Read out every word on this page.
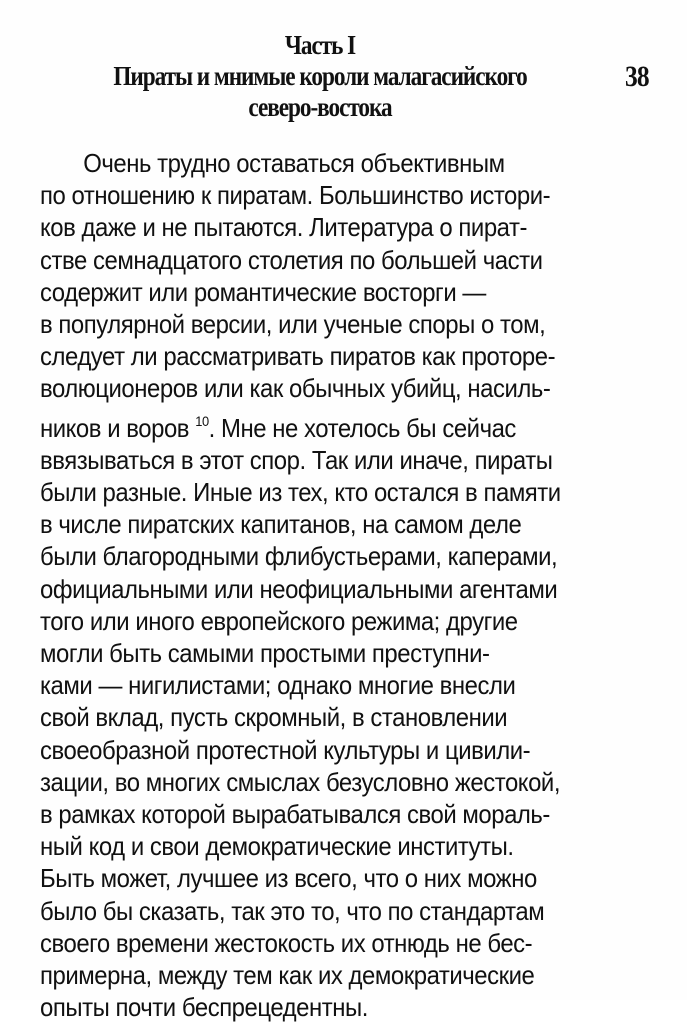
Часть I
Пираты и мнимые короли малагасийского
северо-востока
38
Очень трудно оставаться объективным
по отношению к пиратам. Большинство истори-
ков даже и не пытаются. Литература о пират-
стве семнадцатого столетия по большей части
содержит или романтические восторги —
в популярной версии, или ученые споры о том,
следует ли рассматривать пиратов как проторе-
волюционеров или как обычных убийц, насиль-
ников и воров $^{10}$. Мне не хотелось бы сейчас
ввязываться в этот спор. Так или иначе, пираты
были разные. Иные из тех, кто остался в памяти
в числе пиратских капитанов, на самом деле
были благородными флибустьерами, каперами,
официальными или неофициальными агентами
того или иного европейского режима; другие
могли быть самыми простыми преступни-
ками — нигилистами; однако многие внесли
свой вклад, пусть скромный, в становлении
своеобразной протестной культуры и цивили-
зации, во многих смыслах безусловно жестокой,
в рамках которой вырабатывался свой мораль-
ный код и свои демократические институты.
Быть может, лучшее из всего, что о них можно
было бы сказать, так это то, что по стандартам
своего времени жестокость их отнюдь не бес-
примерна, между тем как их демократические
опыты почти беспрецедентны.
